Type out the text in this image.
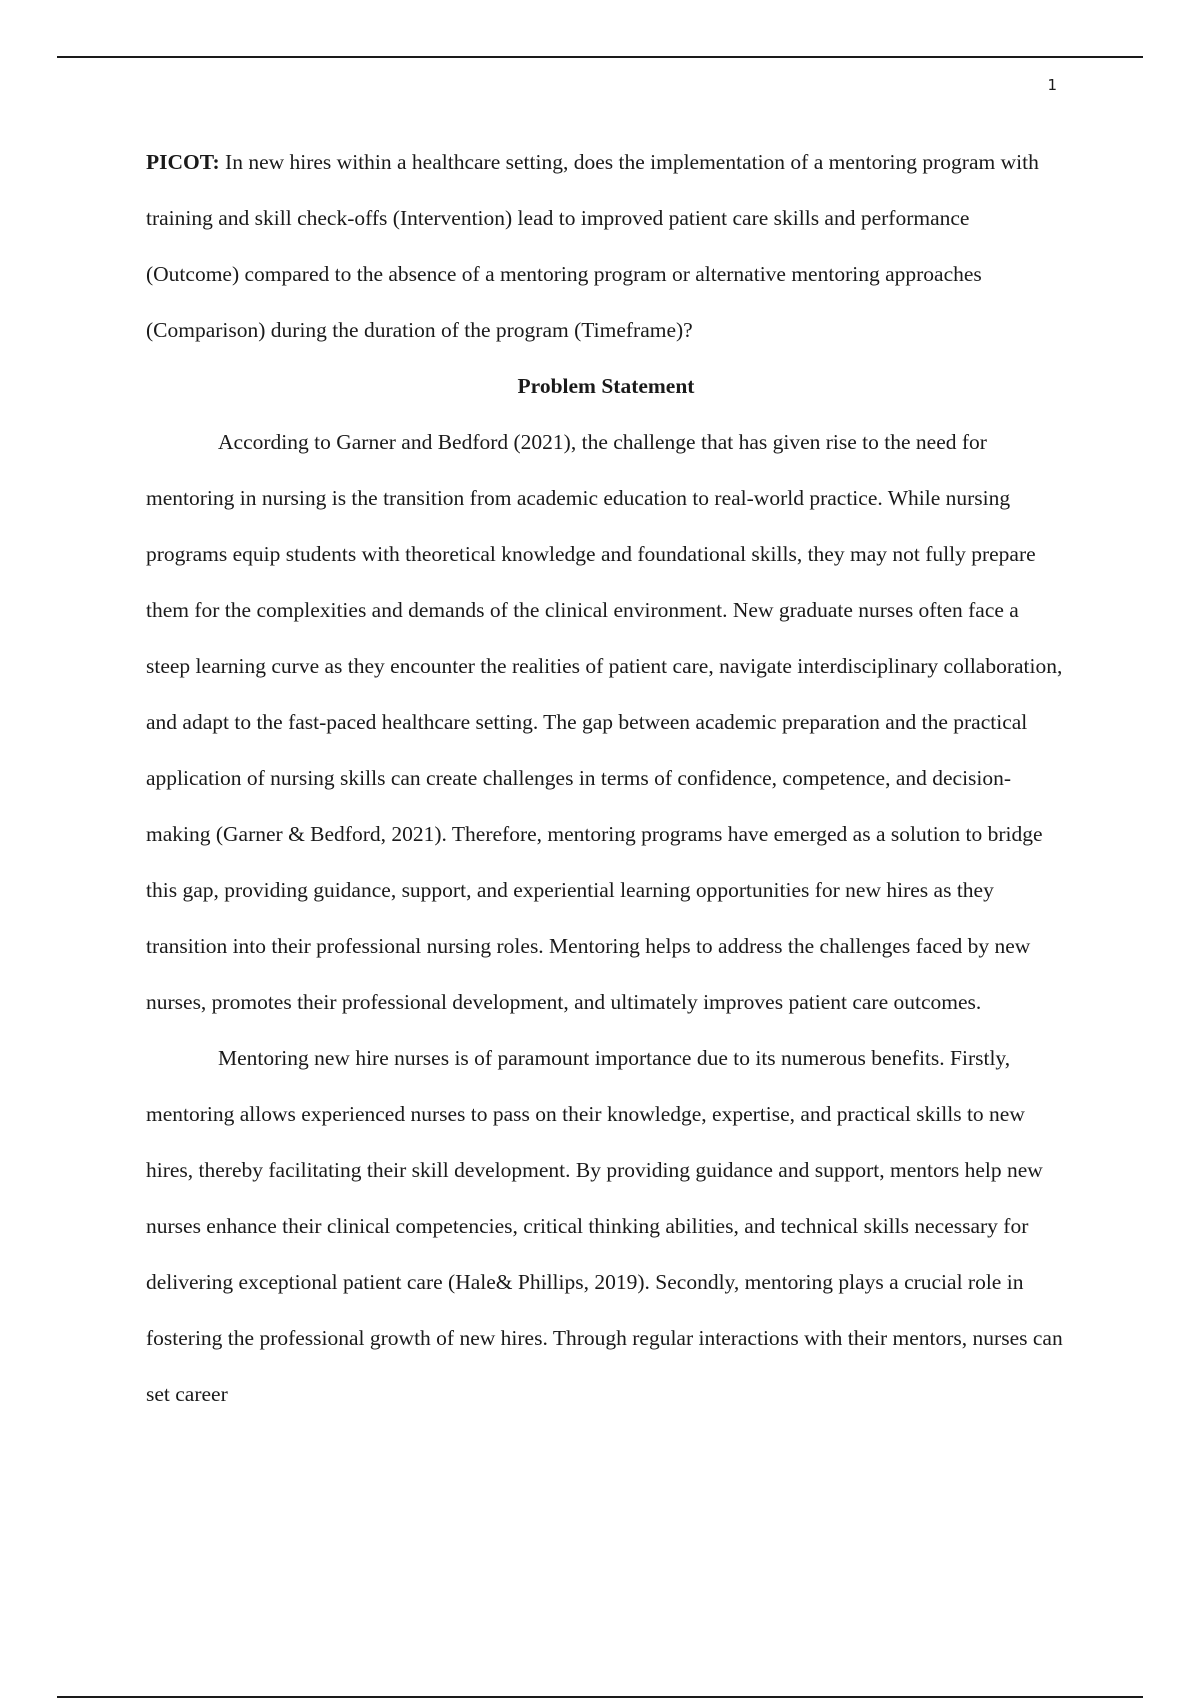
1

PICOT: In new hires within a healthcare setting, does the implementation of a mentoring program with training and skill check-offs (Intervention) lead to improved patient care skills and performance (Outcome) compared to the absence of a mentoring program or alternative mentoring approaches (Comparison) during the duration of the program (Timeframe)?

Problem Statement

According to Garner and Bedford (2021), the challenge that has given rise to the need for mentoring in nursing is the transition from academic education to real-world practice. While nursing programs equip students with theoretical knowledge and foundational skills, they may not fully prepare them for the complexities and demands of the clinical environment. New graduate nurses often face a steep learning curve as they encounter the realities of patient care, navigate interdisciplinary collaboration, and adapt to the fast-paced healthcare setting. The gap between academic preparation and the practical application of nursing skills can create challenges in terms of confidence, competence, and decision-making (Garner & Bedford, 2021). Therefore, mentoring programs have emerged as a solution to bridge this gap, providing guidance, support, and experiential learning opportunities for new hires as they transition into their professional nursing roles. Mentoring helps to address the challenges faced by new nurses, promotes their professional development, and ultimately improves patient care outcomes.

Mentoring new hire nurses is of paramount importance due to its numerous benefits. Firstly, mentoring allows experienced nurses to pass on their knowledge, expertise, and practical skills to new hires, thereby facilitating their skill development. By providing guidance and support, mentors help new nurses enhance their clinical competencies, critical thinking abilities, and technical skills necessary for delivering exceptional patient care (Hale& Phillips, 2019). Secondly, mentoring plays a crucial role in fostering the professional growth of new hires. Through regular interactions with their mentors, nurses can set career
